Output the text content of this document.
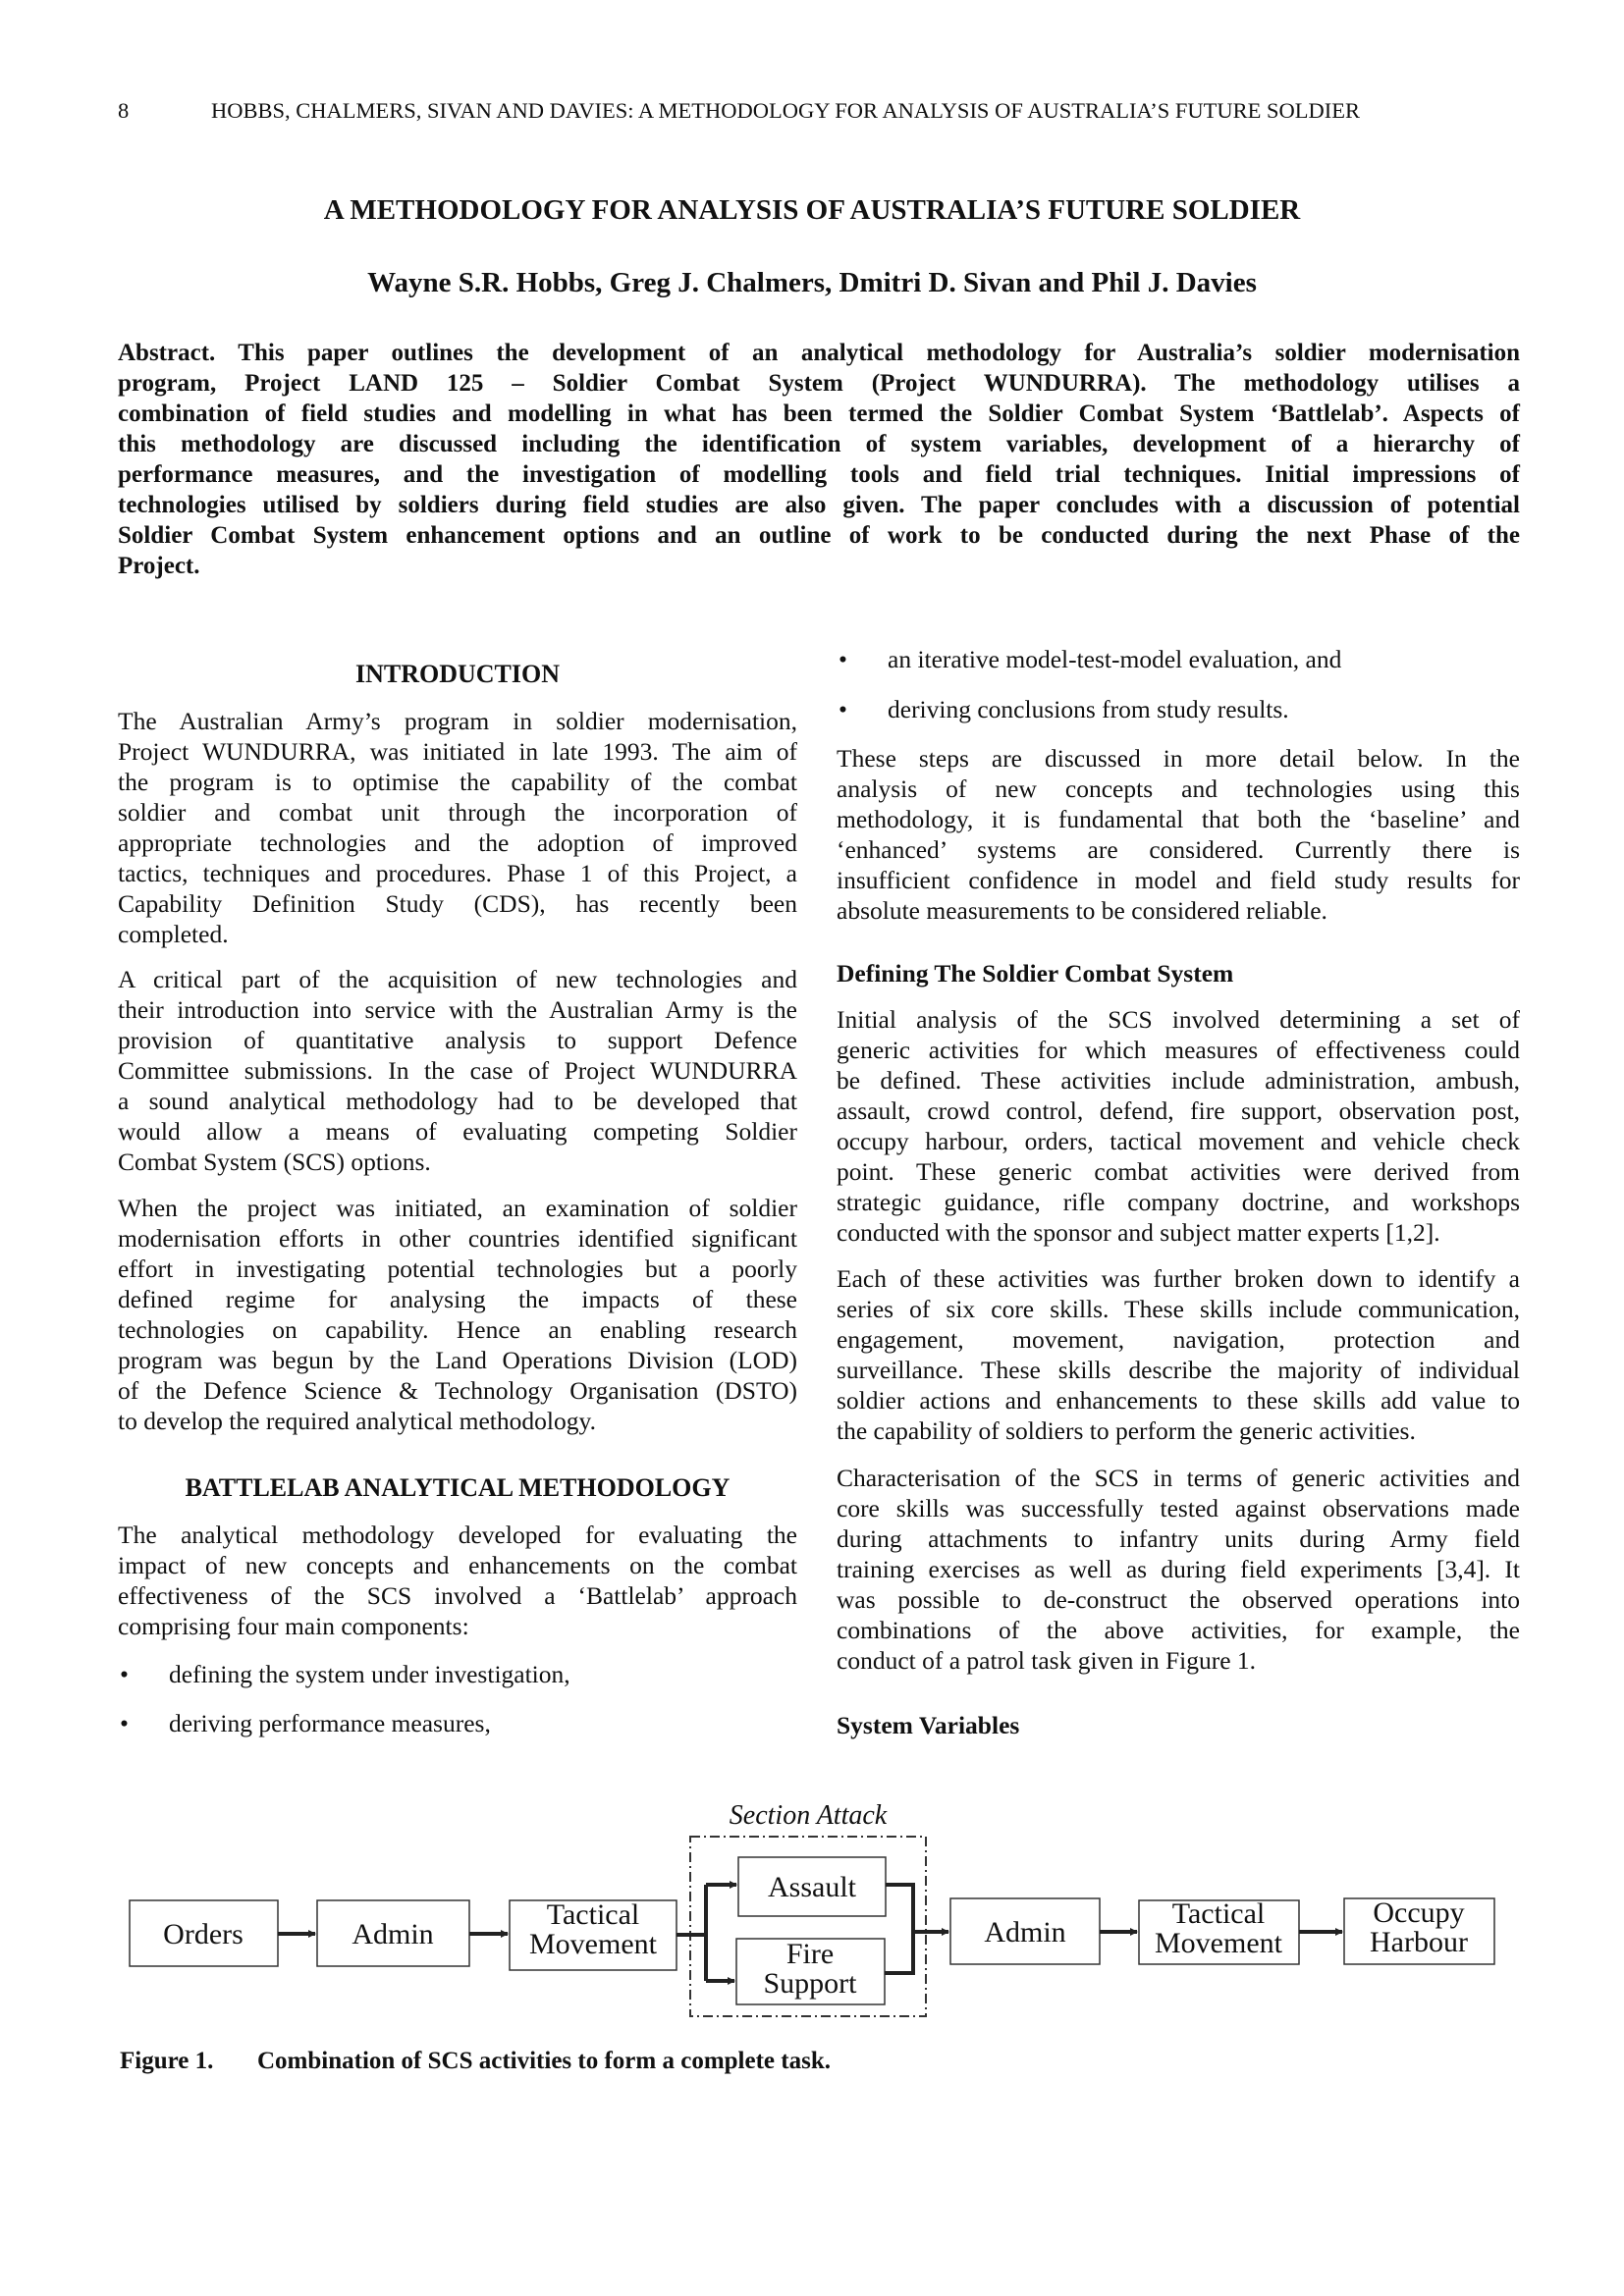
8	HOBBS, CHALMERS, SIVAN AND DAVIES: A METHODOLOGY FOR ANALYSIS OF AUSTRALIA’S FUTURE SOLDIER
A METHODOLOGY FOR ANALYSIS OF AUSTRALIA’S FUTURE SOLDIER
Wayne S.R. Hobbs, Greg J. Chalmers, Dmitri D. Sivan and Phil J. Davies
Abstract. This paper outlines the development of an analytical methodology for Australia’s soldier modernisation
program, Project LAND 125 – Soldier Combat System (Project WUNDURRA). The methodology utilises a
combination of field studies and modelling in what has been termed the Soldier Combat System ‘Battlelab’. Aspects of
this methodology are discussed including the identification of system variables, development of a hierarchy of
performance measures, and the investigation of modelling tools and field trial techniques. Initial impressions of
technologies utilised by soldiers during field studies are also given. The paper concludes with a discussion of potential
Soldier Combat System enhancement options and an outline of work to be conducted during the next Phase of the
Project.
INTRODUCTION
The Australian Army’s program in soldier modernisation,
Project WUNDURRA, was initiated in late 1993. The aim of
the program is to optimise the capability of the combat
soldier and combat unit through the incorporation of
appropriate technologies and the adoption of improved
tactics, techniques and procedures. Phase 1 of this Project, a
Capability Definition Study (CDS), has recently been
completed.
A critical part of the acquisition of new technologies and
their introduction into service with the Australian Army is the
provision of quantitative analysis to support Defence
Committee submissions. In the case of Project WUNDURRA
a sound analytical methodology had to be developed that
would allow a means of evaluating competing Soldier
Combat System (SCS) options.
When the project was initiated, an examination of soldier
modernisation efforts in other countries identified significant
effort in investigating potential technologies but a poorly
defined regime for analysing the impacts of these
technologies on capability. Hence an enabling research
program was begun by the Land Operations Division (LOD)
of the Defence Science & Technology Organisation (DSTO)
to develop the required analytical methodology.
BATTLELAB ANALYTICAL METHODOLOGY
The analytical methodology developed for evaluating the
impact of new concepts and enhancements on the combat
effectiveness of the SCS involved a ‘Battlelab’ approach
comprising four main components:
•	defining the system under investigation,
•	deriving performance measures,
•	an iterative model-test-model evaluation, and
•	deriving conclusions from study results.
These steps are discussed in more detail below. In the
analysis of new concepts and technologies using this
methodology, it is fundamental that both the ‘baseline’ and
‘enhanced’ systems are considered. Currently there is
insufficient confidence in model and field study results for
absolute measurements to be considered reliable.
Defining The Soldier Combat System
Initial analysis of the SCS involved determining a set of
generic activities for which measures of effectiveness could
be defined. These activities include administration, ambush,
assault, crowd control, defend, fire support, observation post,
occupy harbour, orders, tactical movement and vehicle check
point. These generic combat activities were derived from
strategic guidance, rifle company doctrine, and workshops
conducted with the sponsor and subject matter experts [1,2].
Each of these activities was further broken down to identify a
series of six core skills. These skills include communication,
engagement, movement, navigation, protection and
surveillance. These skills describe the majority of individual
soldier actions and enhancements to these skills add value to
the capability of soldiers to perform the generic activities.
Characterisation of the SCS in terms of generic activities and
core skills was successfully tested against observations made
during attachments to infantry units during Army field
training exercises as well as during field experiments [3,4]. It
was possible to de-construct the observed operations into
combinations of the above activities, for example, the
conduct of a patrol task given in Figure 1.
System Variables
Section Attack
Orders	Admin
Tactical
Movement
Assault
Fire
Support
Admin
Tactical
Movement
Occupy
Harbour
Figure 1.	Combination of SCS activities to form a complete task.
